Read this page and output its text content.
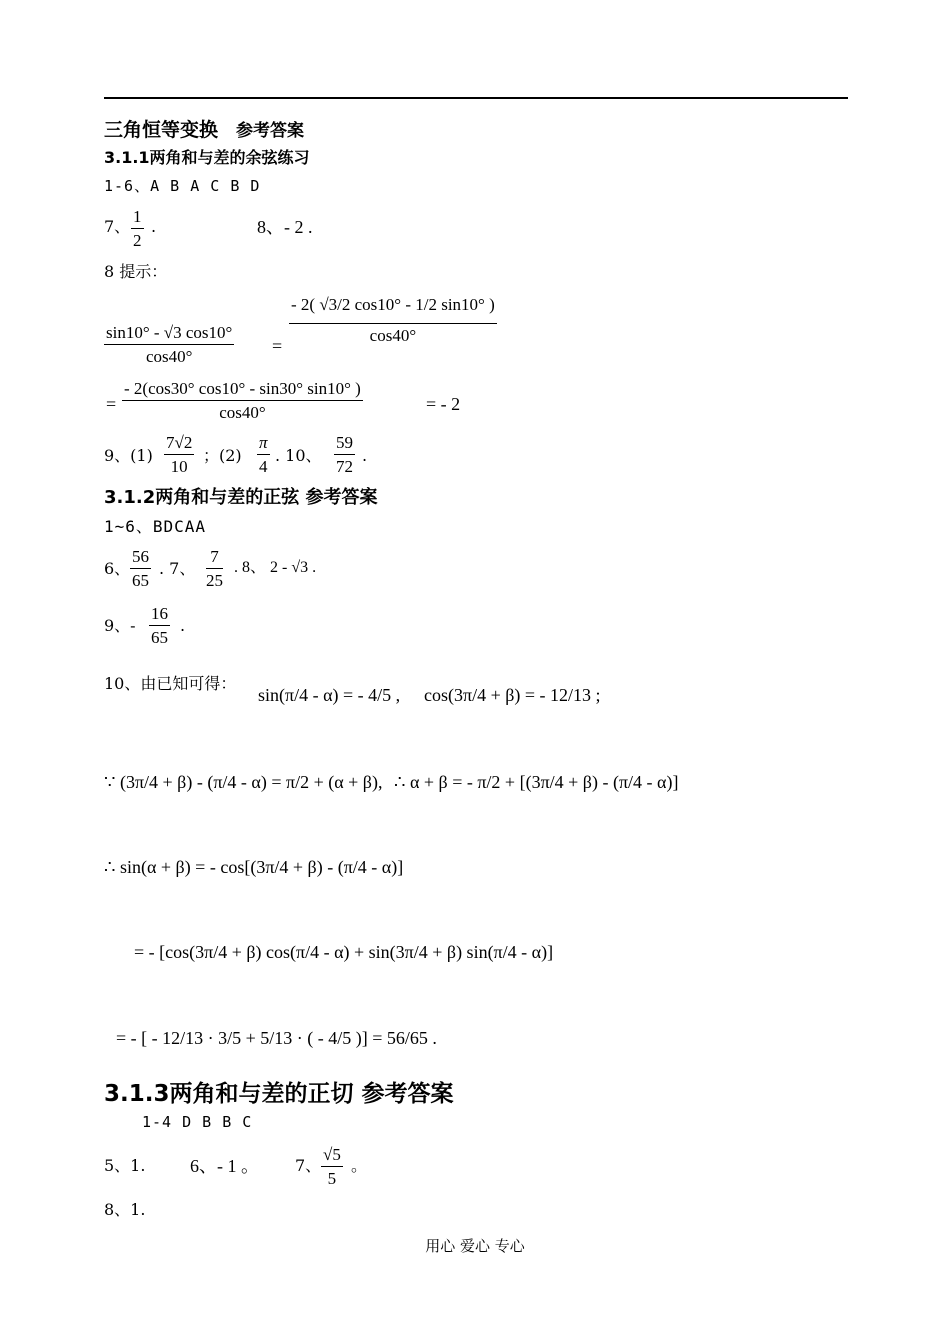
三角恒等变换 参考答案
3.1.1两角和与差的余弦练习
1-6、A B A C B D
7、 $\frac{1}{2}$ .	8、- 2 .
8 提示：
$\frac{\sin 10^\circ - √3 \cos 10^\circ}{\cos 40^\circ}$ =
$\frac{- 2( √3/2 \cos 10^\circ - 1/2 \sin 10^\circ )}{\cos 40^\circ}$
= $\frac{- 2(\cos 30^\circ \cos 10^\circ - \sin 30^\circ \sin 10^\circ )}{\cos 40^\circ}$	= - 2
9、$(1) \frac{7√2}{10}$ ；$(2) \frac{\pi}{4}$ . 10、 $\frac{59}{72}$ .
3.1.2两角和与差的正弦 参考答案
1~6、BDCAA
6、 $\frac{56}{65}$ . 7、 $\frac{7}{25}$ . 8、 2 - √3 .
9、- $\frac{16}{65}$ .
10、由已知可得：
sin(π/4 - α) = - 4/5 , cos(3π/4 + β) = - 12/13 ;
∵ (3π/4 + β) - (π/4 - α) = π/2 + (α + β), ∴ α + β = - π/2 + [(3π/4 + β) - (π/4 - α)]
∴ sin(α + β) = - cos[(3π/4 + β) - (π/4 - α)]
= - [cos(3π/4 + β) cos(π/4 - α) + sin(3π/4 + β) sin(π/4 - α)]
= - [ - 12/13 · 3/5 + 5/13 · ( - 4/5 )] = 56/65 .
3.1.3两角和与差的正切 参考答案
1-4 D B B C
5、1. 6、- 1 。 7、 $\frac{√5}{5}$ 。
8、1.
用心 爱心 专心
